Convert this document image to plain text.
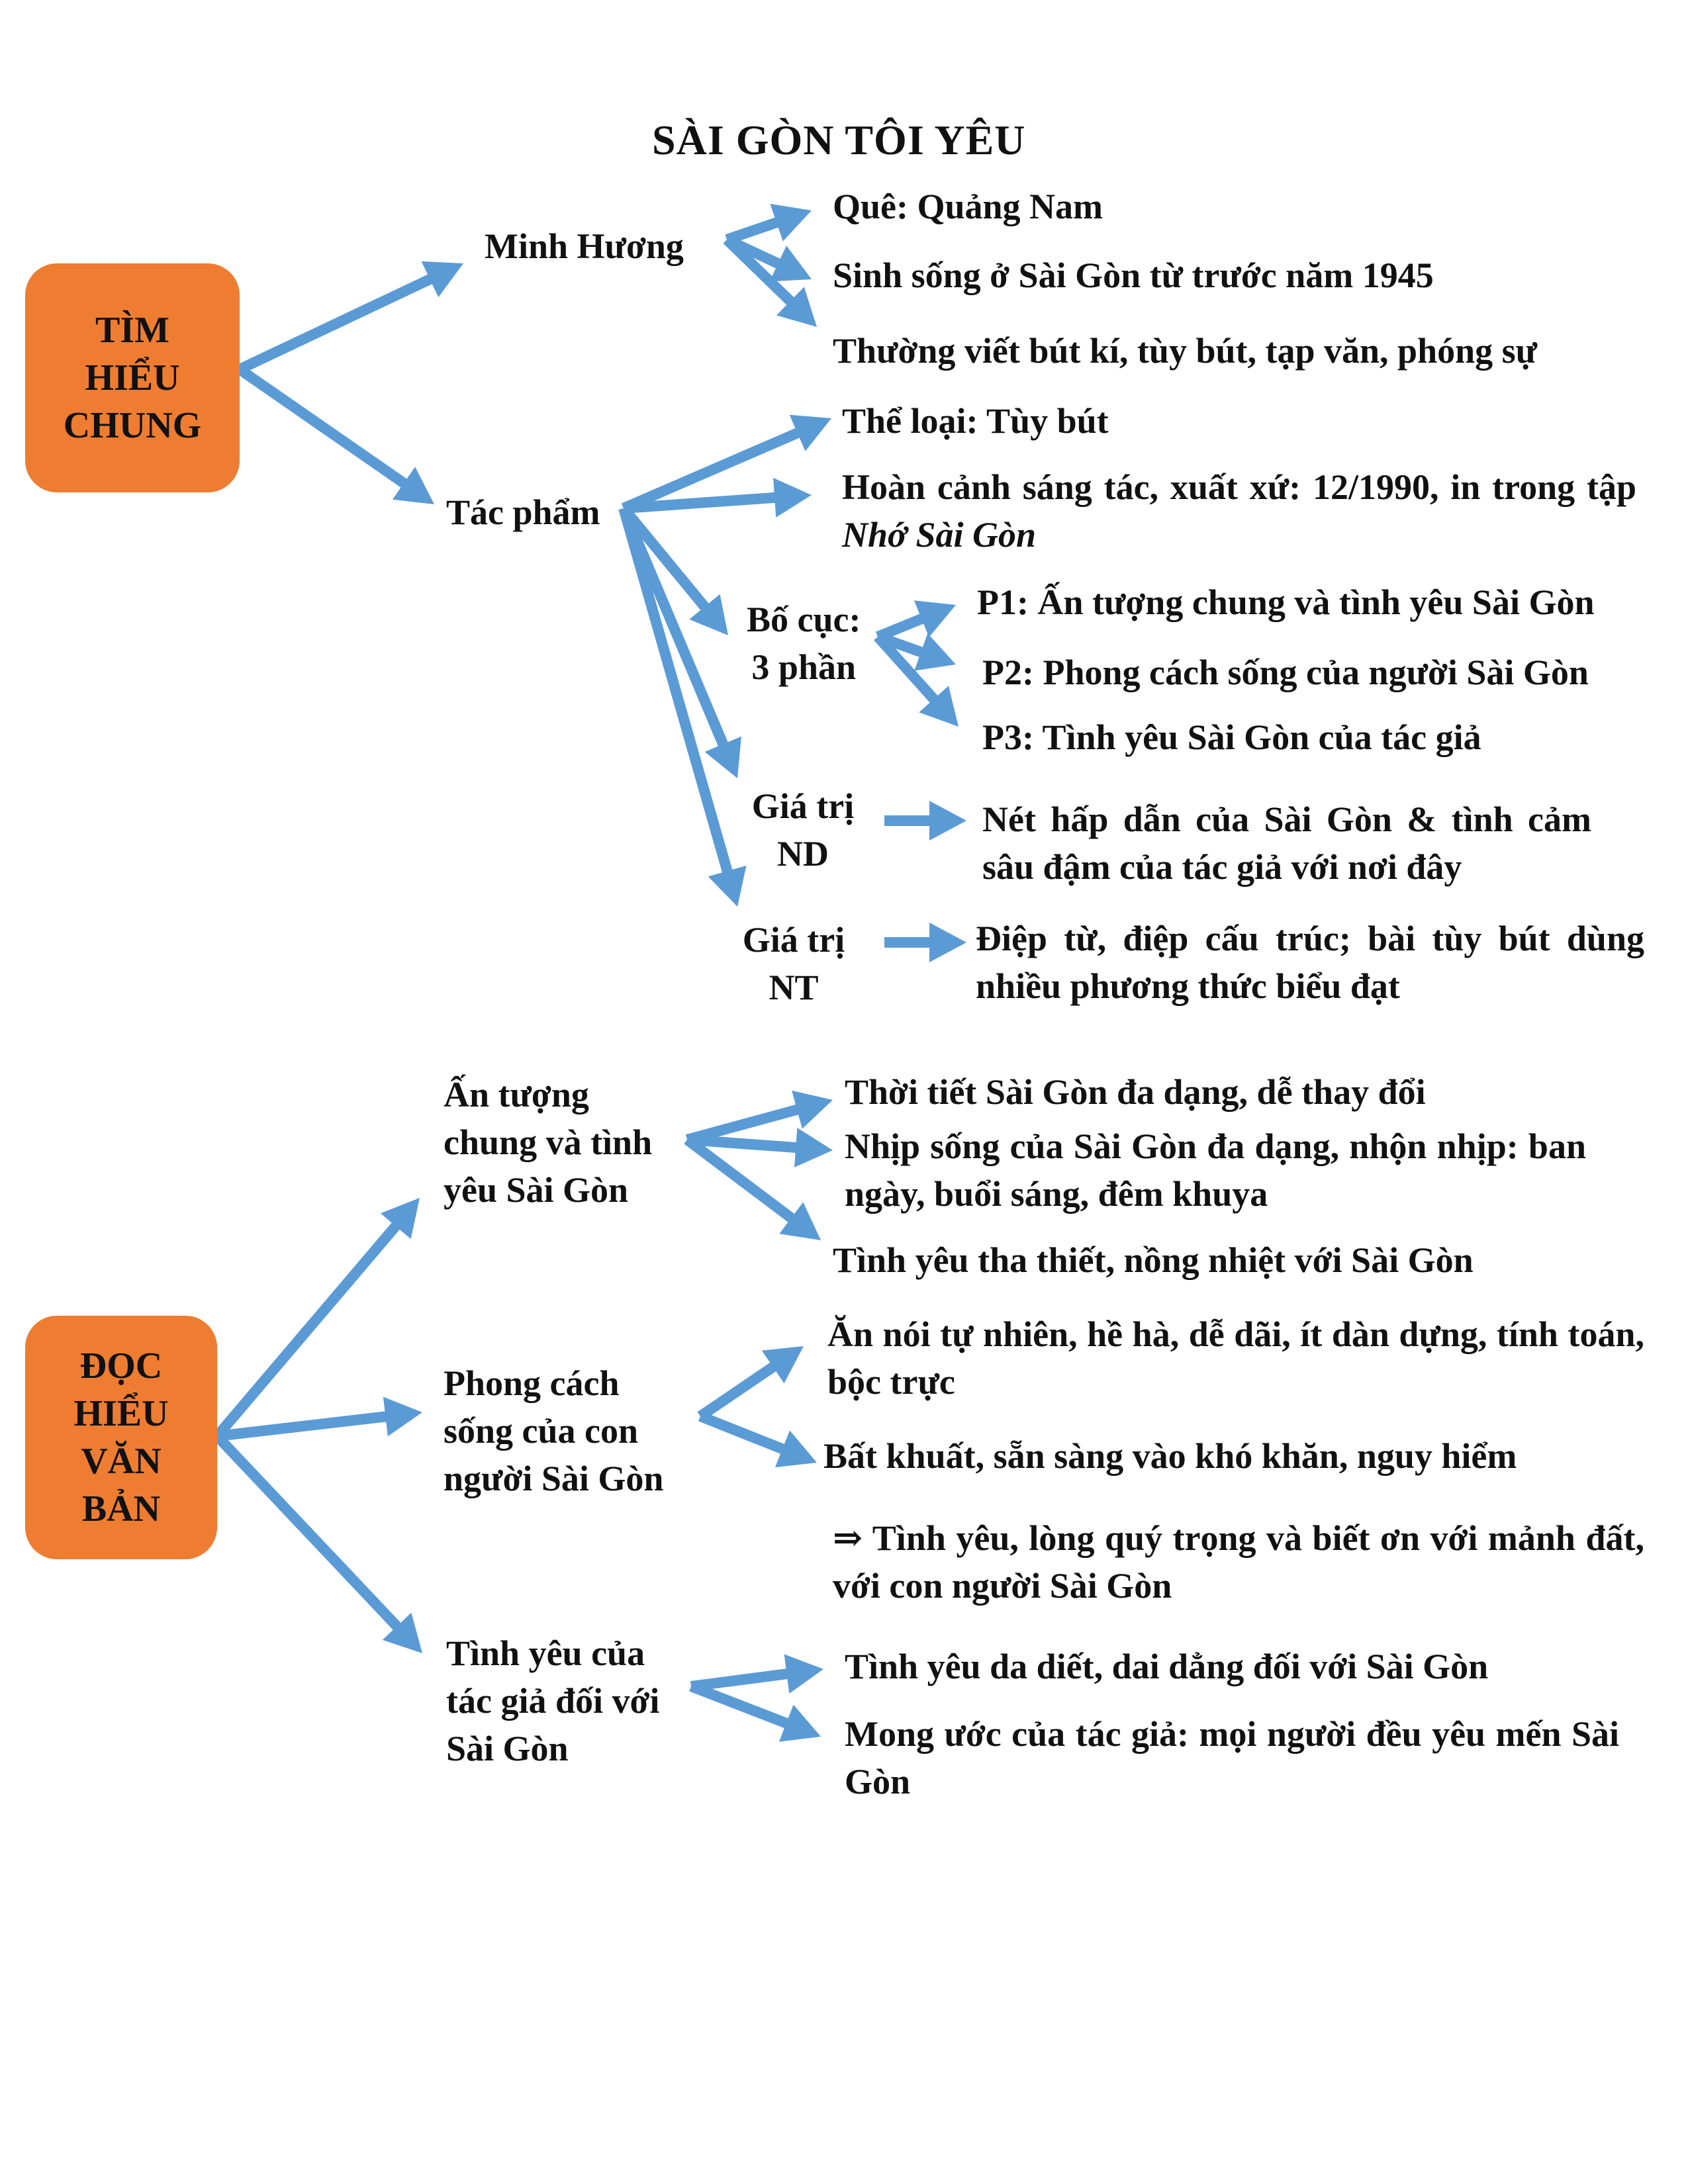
SÀI GÒN TÔI YÊU
TÌM
HIỂU
CHUNG
Minh Hương
Quê: Quảng Nam
Sinh sống ở Sài Gòn từ trước năm 1945
Thường viết bút kí, tùy bút, tạp văn, phóng sự
Tác phẩm
Thể loại: Tùy bút
Hoàn cảnh sáng tác, xuất xứ: 12/1990, in trong tập Nhớ Sài Gòn
Bố cục:
3 phần
P1: Ấn tượng chung và tình yêu Sài Gòn
P2: Phong cách sống của người Sài Gòn
P3: Tình yêu Sài Gòn của tác giả
Giá trị
ND
Nét hấp dẫn của Sài Gòn & tình cảm sâu đậm của tác giả với nơi đây
Giá trị
NT
Điệp từ, điệp cấu trúc; bài tùy bút dùng nhiều phương thức biểu đạt
ĐỌC
HIỂU
VĂN
BẢN
Ấn tượng
chung và tình
yêu Sài Gòn
Thời tiết Sài Gòn đa dạng, dễ thay đổi
Nhịp sống của Sài Gòn đa dạng, nhộn nhịp: ban ngày, buổi sáng, đêm khuya
Tình yêu tha thiết, nồng nhiệt với Sài Gòn
Phong cách
sống của con
người Sài Gòn
Ăn nói tự nhiên, hề hà, dễ dãi, ít dàn dựng, tính toán, bộc trực
Bất khuất, sẵn sàng vào khó khăn, nguy hiểm
⇒ Tình yêu, lòng quý trọng và biết ơn với mảnh đất, với con người Sài Gòn
Tình yêu của
tác giả đối với
Sài Gòn
Tình yêu da diết, dai dẳng đối với Sài Gòn
Mong ước của tác giả: mọi người đều yêu mến Sài Gòn
